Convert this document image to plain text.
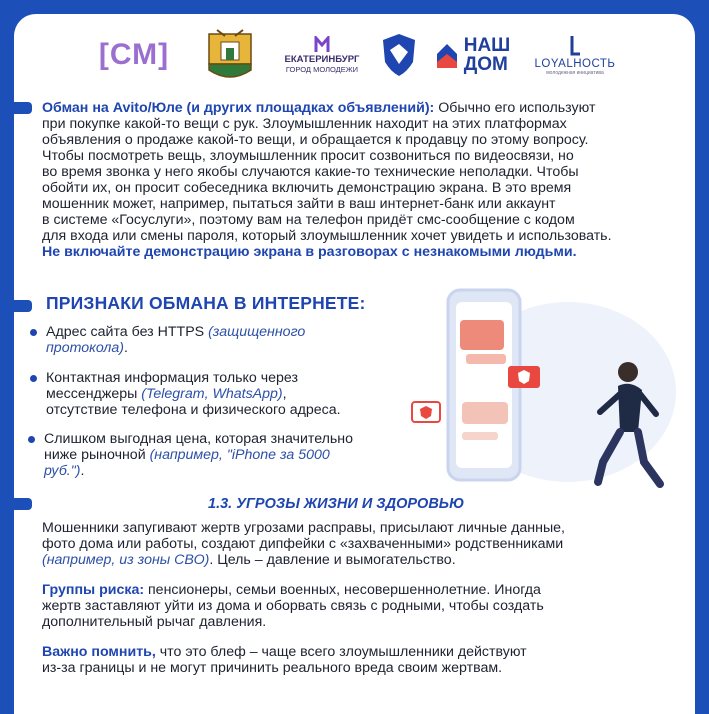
[СМ]	ЕКАТЕРИНБУРГ
ГОРОД МОЛОДЕЖИ
НАШ
ДОМ LOYALНОСТЬ
молодежная инициатива
Обман на Avito/Юле (и других площадках объявлений): Обычно его используют
при покупке какой-то вещи с рук. Злоумышленник находит на этих платформах
объявления о продаже какой-то вещи, и обращается к продавцу по этому вопросу.
Чтобы посмотреть вещь, злоумышленник просит созвониться по видеосвязи, но
во время звонка у него якобы случаются какие-то технические неполадки. Чтобы
обойти их, он просит собеседника включить демонстрацию экрана. В это время
мошенник может, например, пытаться зайти в ваш интернет-банк или аккаунт
в системе «Госуслуги», поэтому вам на телефон придёт смс-сообщение с кодом
для входа или смены пароля, который злоумышленник хочет увидеть и использовать.
Не включайте демонстрацию экрана в разговорах с незнакомыми людьми.
ПРИЗНАКИ ОБМАНА В ИНТЕРНЕТЕ:
Адрес сайта без HTTPS (защищенного протокола).
Контактная информация только через мессенджеры (Telegram, WhatsApp), отсутствие телефона и физического адреса.
Слишком выгодная цена, которая значительно ниже рыночной (например, "iPhone за 5000 руб.").
1.3. УГРОЗЫ ЖИЗНИ И ЗДОРОВЬЮ
Мошенники запугивают жертв угрозами расправы, присылают личные данные,
фото дома или работы, создают дипфейки с «захваченными» родственниками
(например, из зоны СВО). Цель – давление и вымогательство.
Группы риска: пенсионеры, семьи военных, несовершеннолетние. Иногда
жертв заставляют уйти из дома и оборвать связь с родными, чтобы создать
дополнительный рычаг давления.
Важно помнить, что это блеф – чаще всего злоумышленники действуют
из-за границы и не могут причинить реального вреда своим жертвам.
